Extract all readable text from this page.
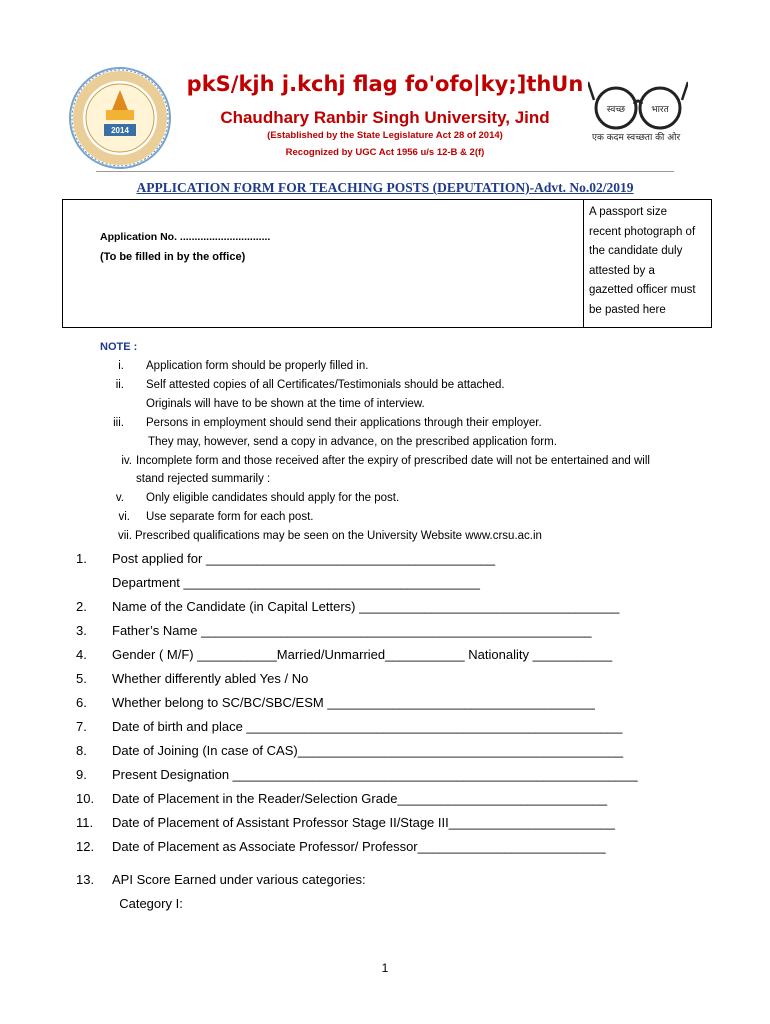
2014
स्वच्छ	भारत
pkS/kjh j.kchj flag fo'ofo|ky;]thUn
Chaudhary Ranbir Singh University, Jind
(Established by the State Legislature Act 28 of 2014)
Recognized by UGC Act 1956 u/s 12-B & 2(f)
एक कदम स्वच्छता की ओर
APPLICATION FORM FOR TEACHING POSTS (DEPUTATION)-Advt. No.02/2019
Application No. ...............................
(To be filled in by the office)
A passport size
recent photograph of
the candidate duly
attested by a
gazetted officer must
be pasted here
NOTE :
i. Application form should be properly filled in.
ii. Self attested copies of all Certificates/Testimonials should be attached.
Originals will have to be shown at the time of interview.
iii. Persons in employment should send their applications through their employer.
They may, however, send a copy in advance, on the prescribed application form.
iv. Incomplete form and those received after the expiry of prescribed date will not be entertained and will
stand rejected summarily :
v. Only eligible candidates should apply for the post.
vi. Use separate form for each post.
vii. Prescribed qualifications may be seen on the University Website www.crsu.ac.in
1.	Post applied for ________________________________________
Department _________________________________________
2.	Name of the Candidate (in Capital Letters) ____________________________________
3.	Father’s Name ______________________________________________________
4.	Gender ( M/F) ___________Married/Unmarried___________ Nationality ___________
5.	Whether differently abled Yes / No
6.	Whether belong to SC/BC/SBC/ESM _____________________________________
7.	Date of birth and place ____________________________________________________
8.	Date of Joining (In case of CAS)_____________________________________________
9.	Present Designation ________________________________________________________
10.	Date of Placement in the Reader/Selection Grade_____________________________
11.	Date of Placement of Assistant Professor Stage II/Stage III_______________________
12.	Date of Placement as Associate Professor/ Professor__________________________
13.	API Score Earned under various categories:
Category I:
1
